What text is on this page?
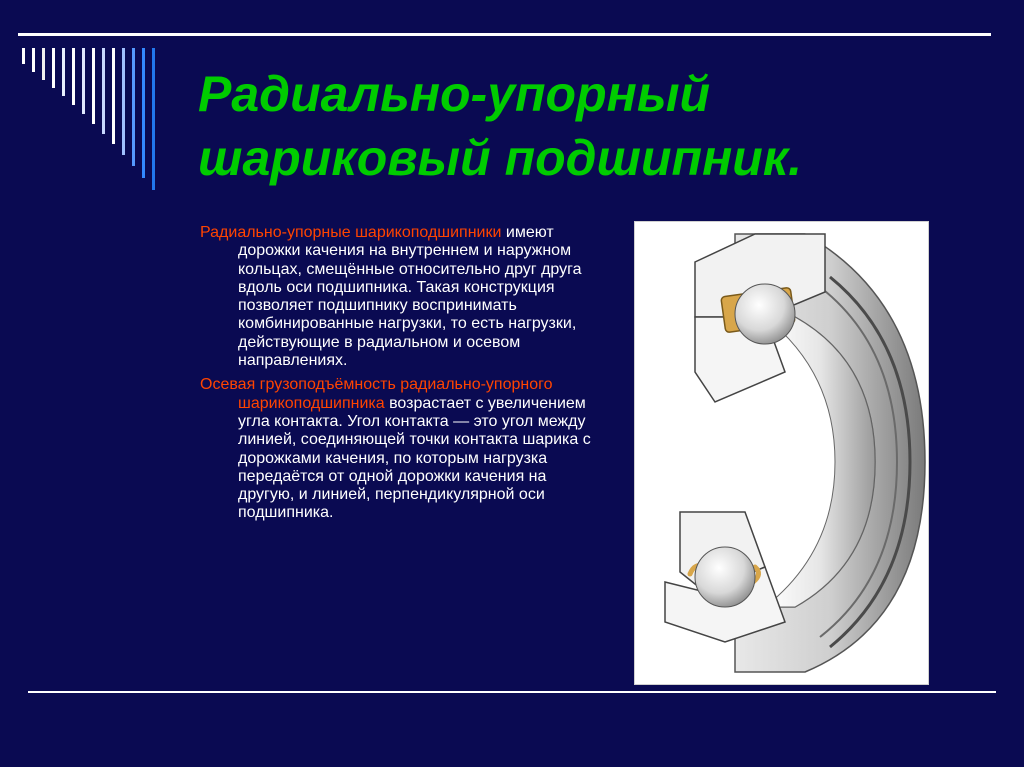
Радиально-упорный
шариковый подшипник.

Радиально-упорные шарикоподшипники имеют дорожки качения на внутреннем и наружном кольцах, смещённые относительно друг друга вдоль оси подшипника. Такая конструкция позволяет подшипнику воспринимать комбинированные нагрузки, то есть нагрузки, действующие в радиальном и осевом направлениях.

Осевая грузоподъёмность радиально-упорного шарикоподшипника возрастает с увеличением угла контакта. Угол контакта — это угол между линией, соединяющей точки контакта шарика с дорожками качения, по которым нагрузка передаётся от одной дорожки качения на другую, и линией, перпендикулярной оси подшипника.
